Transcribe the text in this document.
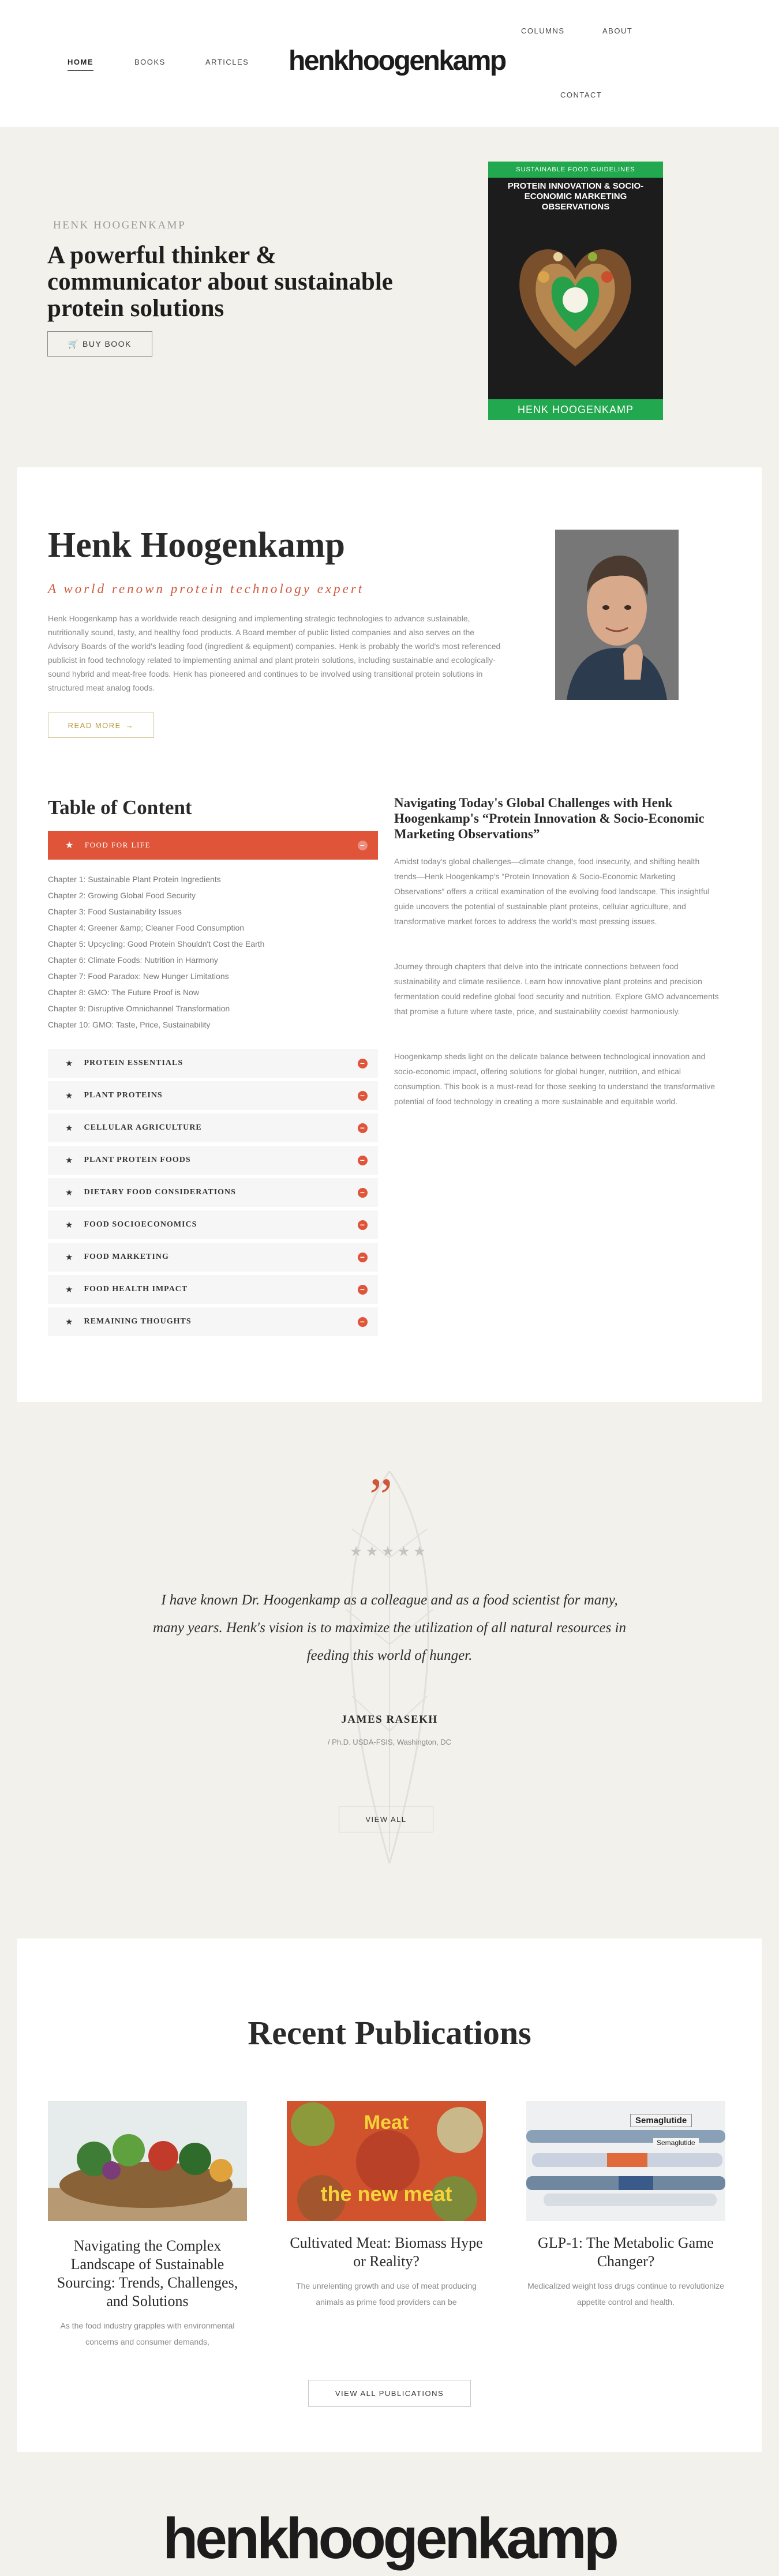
HOME	BOOKS	ARTICLES henkhoogenkamp
COLUMNS	ABOUT
CONTACT
HENK HOOGENKAMP
A powerful thinker & communicator about sustainable protein solutions
🛒 BUY BOOK
SUSTAINABLE FOOD GUIDELINES
PROTEIN INNOVATION & SOCIO-ECONOMIC MARKETING OBSERVATIONS
HENK HOOGENKAMP
Henk Hoogenkamp
A world renown protein technology expert

Henk Hoogenkamp has a worldwide reach designing and implementing strategic technologies to advance sustainable, nutritionally sound, tasty, and healthy food products. A Board member of public listed companies and also serves on the Advisory Boards of the world's leading food (ingredient & equipment) companies. Henk is probably the world's most referenced publicist in food technology related to implementing animal and plant protein solutions, including sustainable and ecologically-sound hybrid and meat-free foods. Henk has pioneered and continues to be involved using transitional protein solutions in structured meat analog foods.

READ MORE →
Table of Content
★ FOOD FOR LIFE	−
Chapter 1: Sustainable Plant Protein Ingredients
Chapter 2: Growing Global Food Security
Chapter 3: Food Sustainability Issues
Chapter 4: Greener &amp; Cleaner Food Consumption
Chapter 5: Upcycling: Good Protein Shouldn't Cost the Earth
Chapter 6: Climate Foods: Nutrition in Harmony
Chapter 7: Food Paradox: New Hunger Limitations
Chapter 8: GMO: The Future Proof is Now
Chapter 9: Disruptive Omnichannel Transformation
Chapter 10: GMO: Taste, Price, Sustainability
★ PROTEIN ESSENTIALS	−
★ PLANT PROTEINS	−
★ CELLULAR AGRICULTURE	−
★ PLANT PROTEIN FOODS	−
★ DIETARY FOOD CONSIDERATIONS	−
★ FOOD SOCIOECONOMICS	−
★ FOOD MARKETING	−
★ FOOD HEALTH IMPACT	−
★ REMAINING THOUGHTS	−
Navigating Today's Global Challenges with Henk Hoogenkamp's “Protein Innovation & Socio-Economic Marketing Observations”

Amidst today's global challenges—climate change, food insecurity, and shifting health trends—Henk Hoogenkamp's “Protein Innovation & Socio-Economic Marketing Observations” offers a critical examination of the evolving food landscape. This insightful guide uncovers the potential of sustainable plant proteins, cellular agriculture, and transformative market forces to address the world's most pressing issues.

Journey through chapters that delve into the intricate connections between food sustainability and climate resilience. Learn how innovative plant proteins and precision fermentation could redefine global food security and nutrition. Explore GMO advancements that promise a future where taste, price, and sustainability coexist harmoniously.

Hoogenkamp sheds light on the delicate balance between technological innovation and socio-economic impact, offering solutions for global hunger, nutrition, and ethical consumption. This book is a must-read for those seeking to understand the transformative potential of food technology in creating a more sustainable and equitable world.

”
★★★★★

I have known Dr. Hoogenkamp as a colleague and as a food scientist for many, many years. Henk's vision is to maximize the utilization of all natural resources in feeding this world of hunger.

JAMES RASEKH
/ Ph.D. USDA-FSIS, Washington, DC
VIEW ALL
Recent Publications
Navigating the Complex Landscape of Sustainable Sourcing: Trends, Challenges, and Solutions
As the food industry grapples with environmental concerns and consumer demands,
Meat
the new meat
Cultivated Meat: Biomass Hype or Reality?
The unrelenting growth and use of meat producing animals as prime food providers can be
Semaglutide
Semaglutide
GLP-1: The Metabolic Game Changer?
Medicalized weight loss drugs continue to revolutionize appetite control and health.
VIEW ALL PUBLICATIONS
henkhoogenkamp
